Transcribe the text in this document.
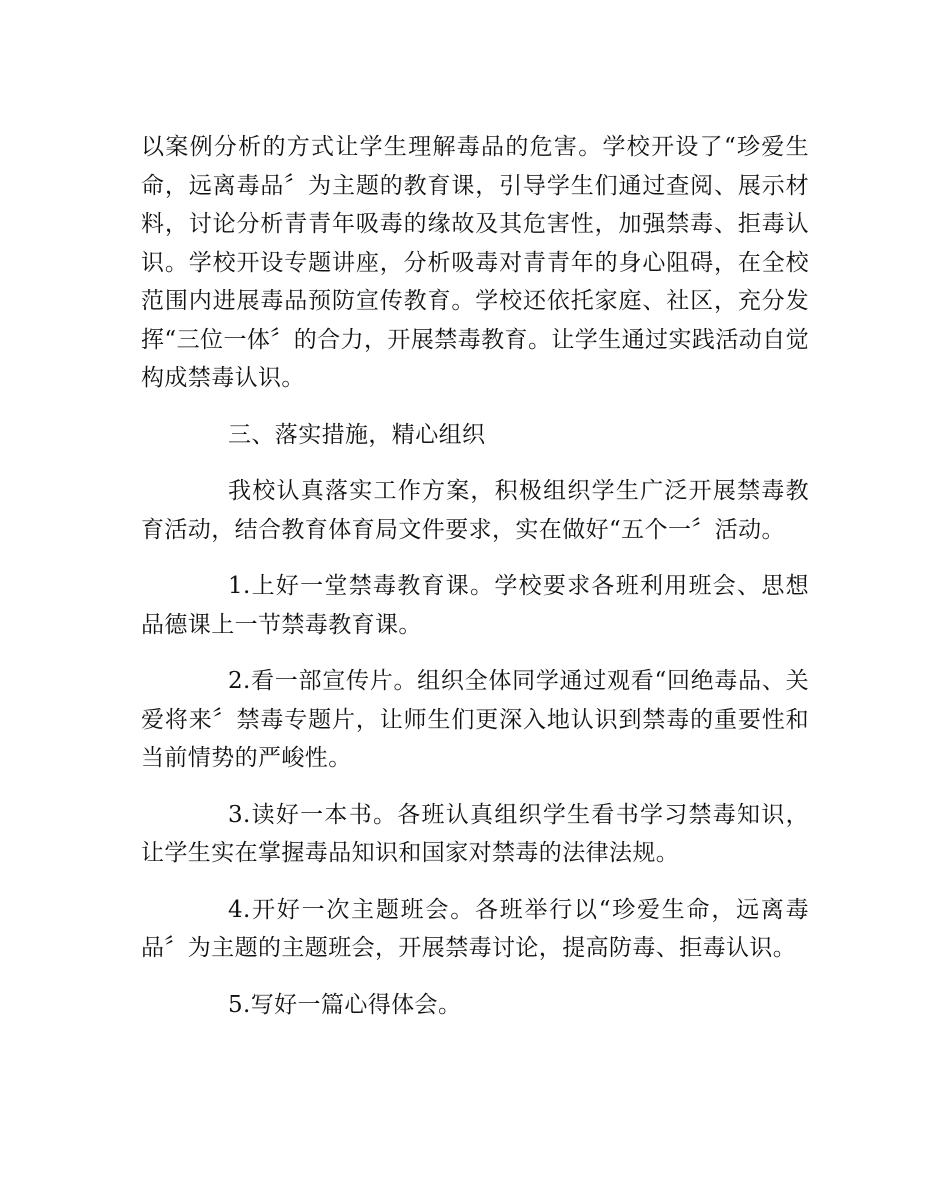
以案例分析的方式让学生理解毒品的危害。学校开设了“珍爱生命，远离毒品〞为主题的教育课，引导学生们通过查阅、展示材料，讨论分析青青年吸毒的缘故及其危害性，加强禁毒、拒毒认识。学校开设专题讲座，分析吸毒对青青年的身心阻碍，在全校范围内进展毒品预防宣传教育。学校还依托家庭、社区，充分发挥“三位一体〞的合力，开展禁毒教育。让学生通过实践活动自觉构成禁毒认识。

三、落实措施，精心组织

我校认真落实工作方案，积极组织学生广泛开展禁毒教育活动，结合教育体育局文件要求，实在做好“五个一〞活动。

1.上好一堂禁毒教育课。学校要求各班利用班会、思想品德课上一节禁毒教育课。

2.看一部宣传片。组织全体同学通过观看“回绝毒品、关爱将来〞禁毒专题片，让师生们更深入地认识到禁毒的重要性和当前情势的严峻性。

3.读好一本书。各班认真组织学生看书学习禁毒知识，让学生实在掌握毒品知识和国家对禁毒的法律法规。

4.开好一次主题班会。各班举行以“珍爱生命，远离毒品〞为主题的主题班会，开展禁毒讨论，提高防毒、拒毒认识。

5.写好一篇心得体会。
